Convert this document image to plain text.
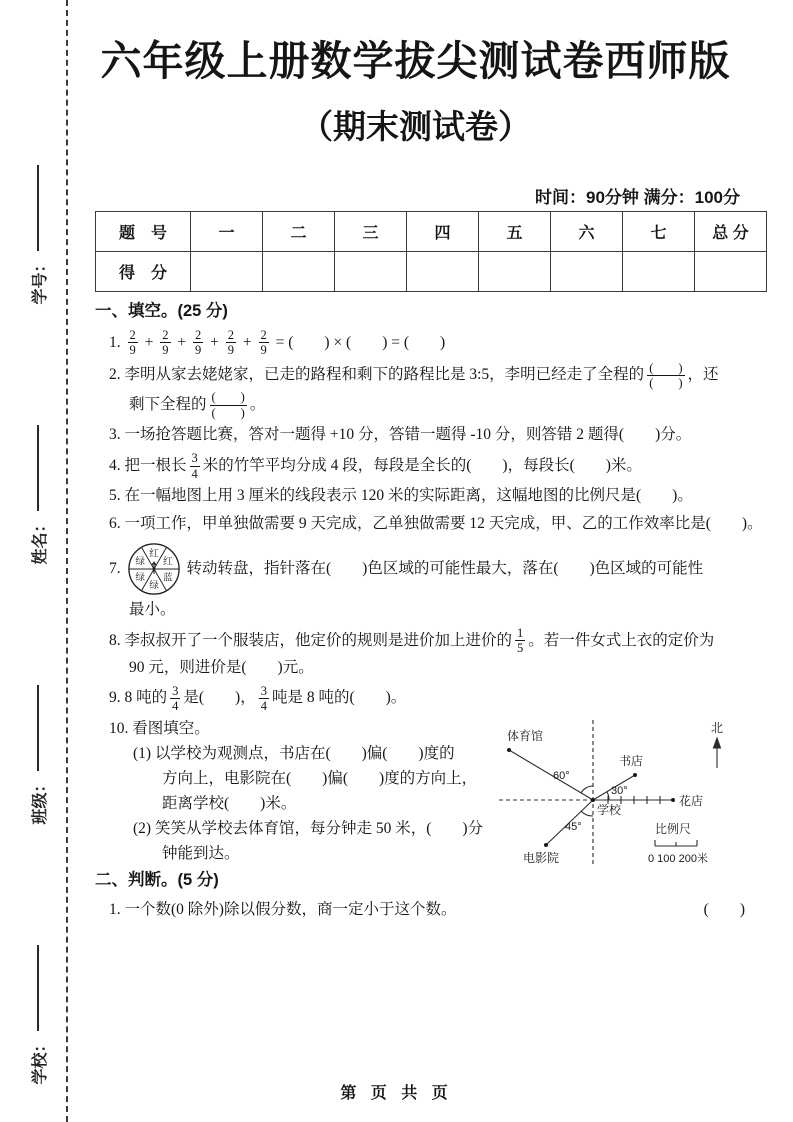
学号：
姓名：
班级：
学校：
六年级上册数学拔尖测试卷西师版
（期末测试卷）
时间：90分钟 满分：100分
题　号	一	二	三	四	五	六	七	总 分
得　分								
一、填空。(25 分)
1. $\frac{2}{9} + \frac{2}{9} + \frac{2}{9} + \frac{2}{9} + \frac{2}{9}$ = (　　) × (　　) = (　　)
2. 李明从家去姥姥家，已走的路程和剩下的路程比是 3:5，李明已经走了全程的 $\frac{( )}{( )}$ ，还
剩下全程的 $\frac{( )}{( )}$ 。
3. 一场抢答题比赛，答对一题得 +10 分，答错一题得 -10 分，则答错 2 题得(　　)分。
4. 把一根长 $\frac{3}{4}$ 米的竹竿平均分成 4 段，每段是全长的(　　)，每段长(　　)米。
5. 在一幅地图上用 3 厘米的线段表示 120 米的实际距离，这幅地图的比例尺是(　　)。
6. 一项工作，甲单独做需要 9 天完成，乙单独做需要 12 天完成，甲、乙的工作效率比是(　　)。
7.
红
红
蓝
绿
绿
绿	转动转盘，指针落在(　　)色区域的可能性最大，落在(　　)色区域的可能性
最小。
8. 李叔叔开了一个服装店，他定价的规则是进价加上进价的 $\frac{1}{5}$ 。若一件女式上衣的定价为
90 元，则进价是(　　)元。
9. 8 吨的 $\frac{3}{4}$ 是(　　)， $\frac{3}{4}$ 吨是 8 吨的(　　)。
10. 看图填空。
(1) 以学校为观测点，书店在(　　)偏(　　)度的
方向上，电影院在(　　)偏(　　)度的方向上，
距离学校(　　)米。
(2) 笑笑从学校去体育馆，每分钟走 50 米，(　　)分
钟能到达。
体育馆
书店
花店
电影院
学校
60°
30°
45°
北
比例尺
0 100 200米
二、判断。(5 分)
1. 一个数(0 除外)除以假分数，商一定小于这个数。	(　　)
第 页 共 页
